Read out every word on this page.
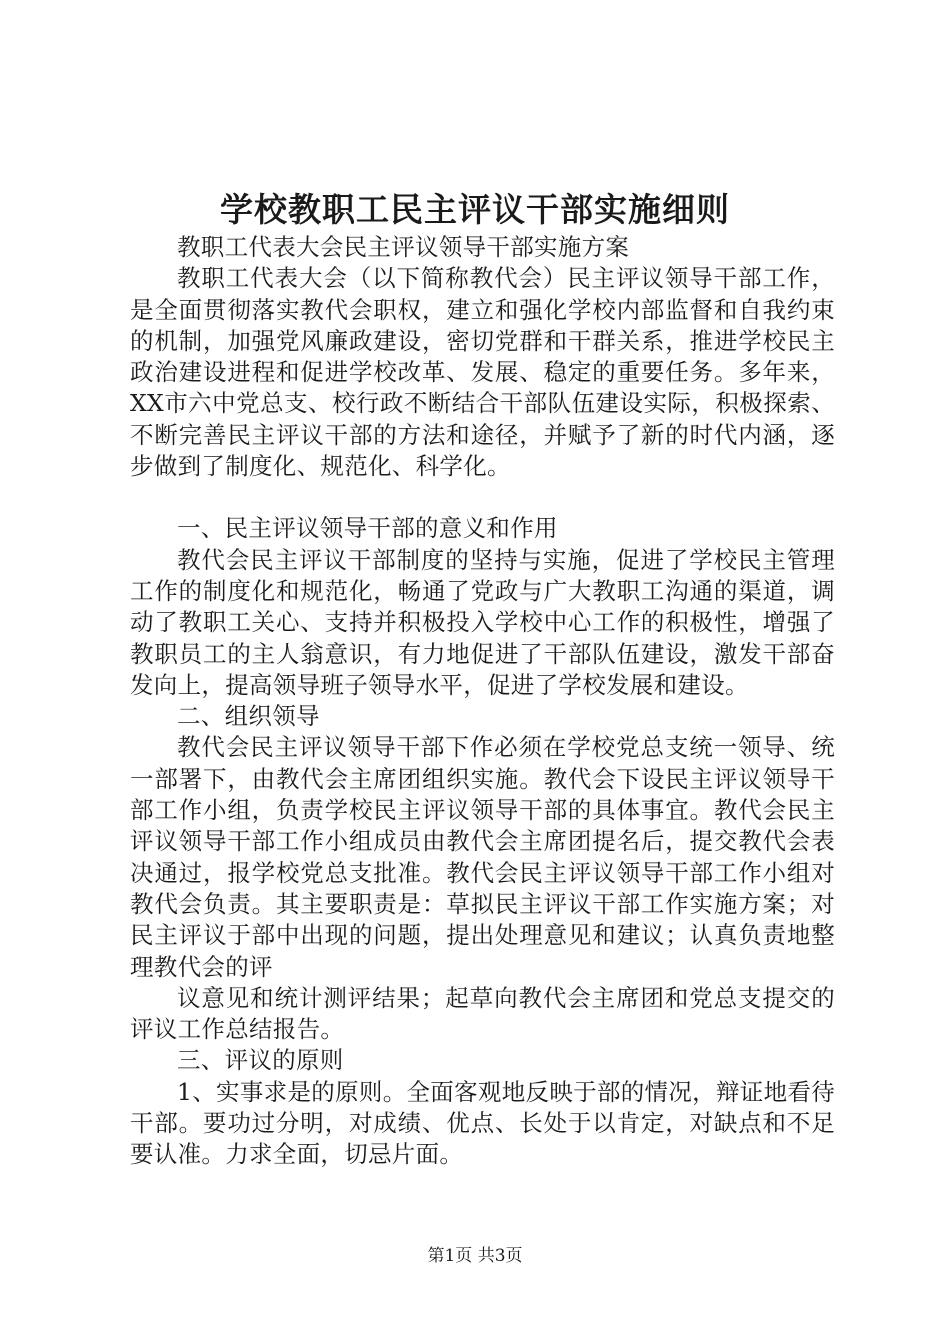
学校教职工民主评议干部实施细则

教职工代表大会民主评议领导干部实施方案

教职工代表大会（以下简称教代会）民主评议领导干部工作，是全面贯彻落实教代会职权，建立和强化学校内部监督和自我约束的机制，加强党风廉政建设，密切党群和干群关系，推进学校民主政治建设进程和促进学校改革、发展、稳定的重要任务。多年来，XX市六中党总支、校行政不断结合干部队伍建设实际，积极探索、不断完善民主评议干部的方法和途径，并赋予了新的时代内涵，逐步做到了制度化、规范化、科学化。

一、民主评议领导干部的意义和作用

教代会民主评议干部制度的坚持与实施，促进了学校民主管理工作的制度化和规范化，畅通了党政与广大教职工沟通的渠道，调动了教职工关心、支持并积极投入学校中心工作的积极性，增强了教职员工的主人翁意识，有力地促进了干部队伍建设，激发干部奋发向上，提高领导班子领导水平，促进了学校发展和建设。

二、组织领导

教代会民主评议领导干部下作必须在学校党总支统一领导、统一部署下，由教代会主席团组织实施。教代会下设民主评议领导干部工作小组，负责学校民主评议领导干部的具体事宜。教代会民主评议领导干部工作小组成员由教代会主席团提名后，提交教代会表决通过，报学校党总支批准。教代会民主评议领导干部工作小组对教代会负责。其主要职责是：草拟民主评议干部工作实施方案；对民主评议于部中出现的问题，提出处理意见和建议；认真负责地整理教代会的评

议意见和统计测评结果；起草向教代会主席团和党总支提交的评议工作总结报告。

三、评议的原则

1、实事求是的原则。全面客观地反映于部的情况，辩证地看待干部。要功过分明，对成绩、优点、长处于以肯定，对缺点和不足要认准。力求全面，切忌片面。

第1页 共3页
